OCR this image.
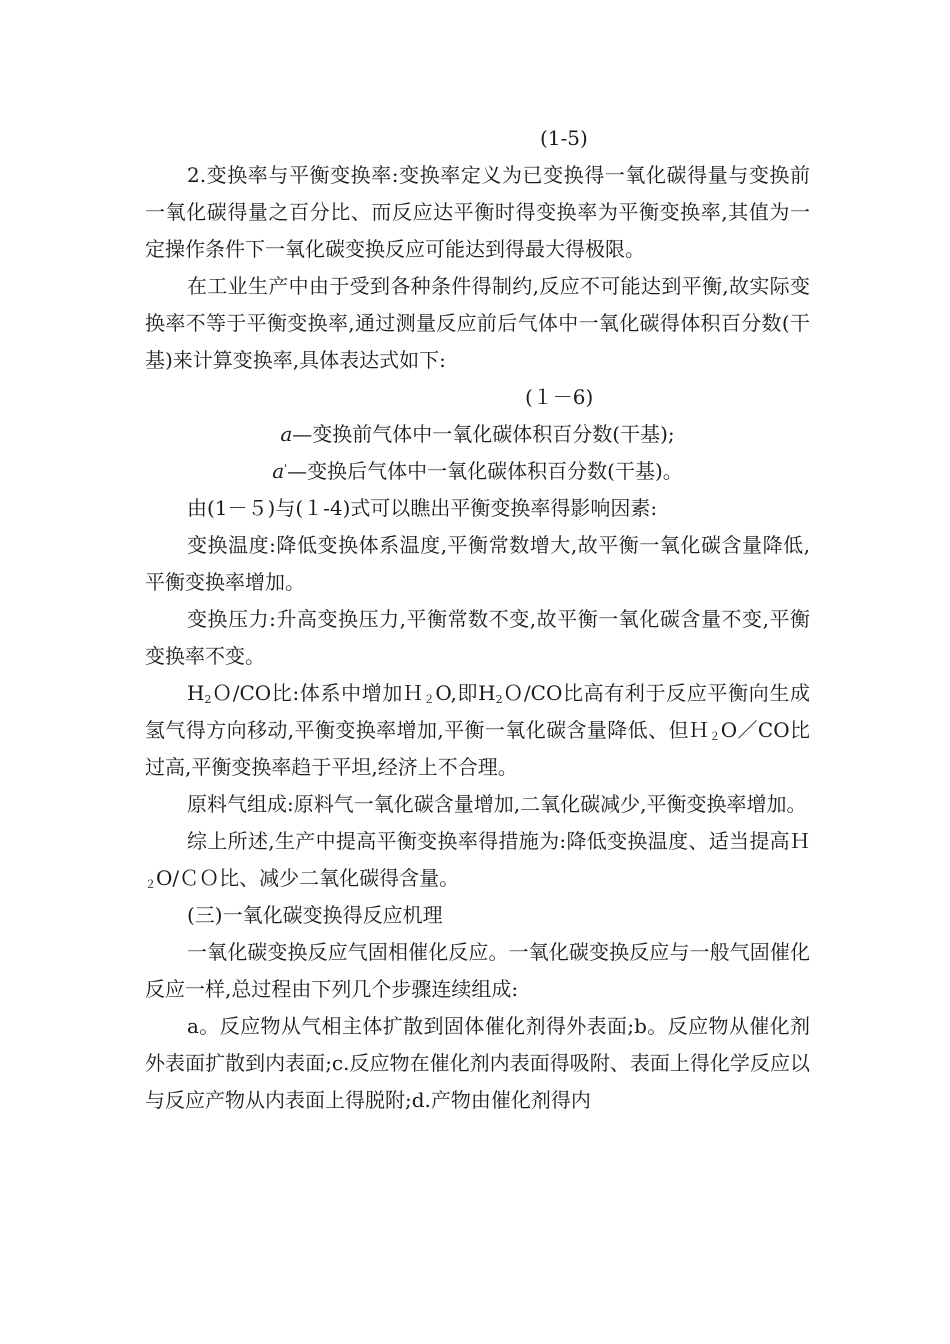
(1-5)

2.变换率与平衡变换率:变换率定义为已变换得一氧化碳得量与变换前一氧化碳得量之百分比、而反应达平衡时得变换率为平衡变换率,其值为一定操作条件下一氧化碳变换反应可能达到得最大得极限。

在工业生产中由于受到各种条件得制约,反应不可能达到平衡,故实际变换率不等于平衡变换率,通过测量反应前后气体中一氧化碳得体积百分数(干基)来计算变换率,具体表达式如下:

(１－6)

a—变换前气体中一氧化碳体积百分数(干基);

a'—变换后气体中一氧化碳体积百分数(干基)。

由(1－５)与(１-4)式可以瞧出平衡变换率得影响因素:

变换温度:降低变换体系温度,平衡常数增大,故平衡一氧化碳含量降低,平衡变换率增加。

变换压力:升高变换压力,平衡常数不变,故平衡一氧化碳含量不变,平衡变换率不变。

$H_2O/CO$比:体系中增加Ｈ$_2$O,即$H_2O/CO$比高有利于反应平衡向生成氢气得方向移动,平衡变换率增加,平衡一氧化碳含量降低、但Ｈ$_2$O／CO比过高,平衡变换率趋于平坦,经济上不合理。

原料气组成:原料气一氧化碳含量增加,二氧化碳减少,平衡变换率增加。

综上所述,生产中提高平衡变换率得措施为:降低变换温度、适当提高Ｈ$_2$O/ＣＯ比、减少二氧化碳得含量。

(三)一氧化碳变换得反应机理

一氧化碳变换反应气固相催化反应。一氧化碳变换反应与一般气固催化反应一样,总过程由下列几个步骤连续组成:

a。反应物从气相主体扩散到固体催化剂得外表面;b。反应物从催化剂外表面扩散到内表面;c.反应物在催化剂内表面得吸附、表面上得化学反应以与反应产物从内表面上得脱附;d.产物由催化剂得内
